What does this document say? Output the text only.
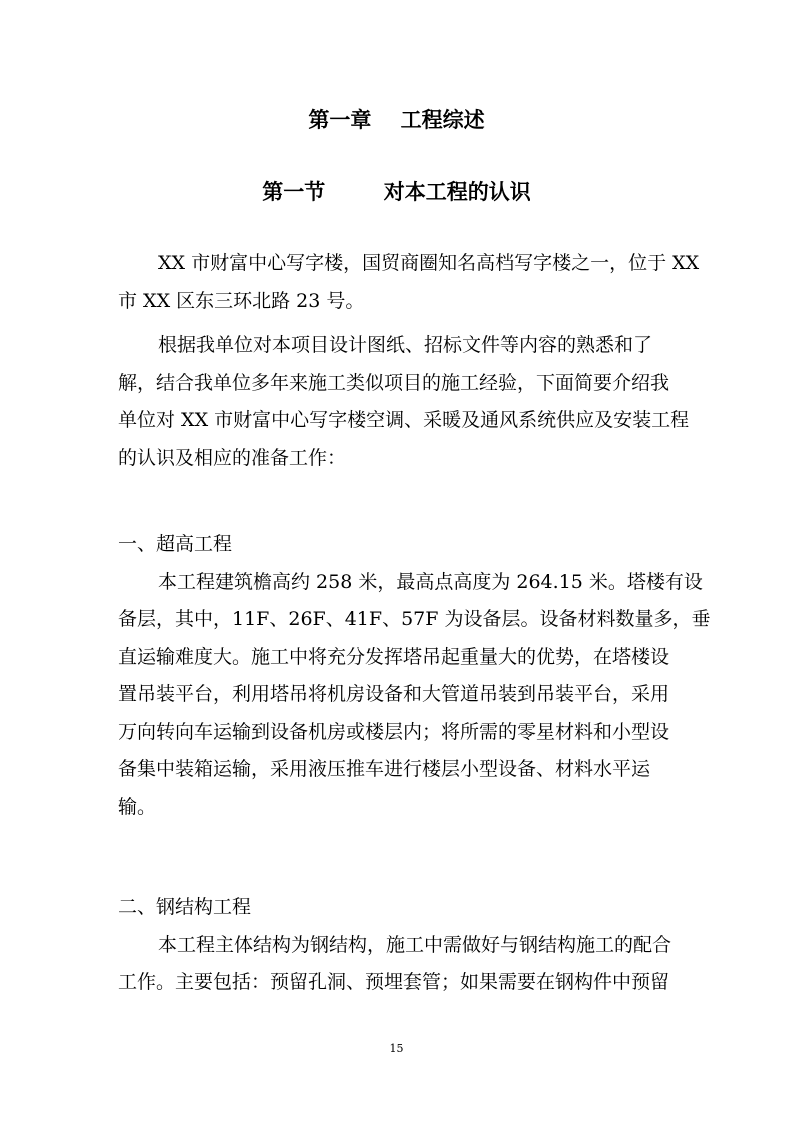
第一章    工程综述
第一节        对本工程的认识
XX 市财富中心写字楼，国贸商圈知名高档写字楼之一，位于 XX
市 XX 区东三环北路 23 号。
根据我单位对本项目设计图纸、招标文件等内容的熟悉和了
解，结合我单位多年来施工类似项目的施工经验，下面简要介绍我
单位对 XX 市财富中心写字楼空调、采暖及通风系统供应及安装工程
的认识及相应的准备工作：
一、超高工程
本工程建筑檐高约 258 米，最高点高度为 264.15 米。塔楼有设
备层，其中，11F、26F、41F、57F 为设备层。设备材料数量多，垂
直运输难度大。施工中将充分发挥塔吊起重量大的优势，在塔楼设
置吊装平台，利用塔吊将机房设备和大管道吊装到吊装平台，采用
万向转向车运输到设备机房或楼层内；将所需的零星材料和小型设
备集中装箱运输，采用液压推车进行楼层小型设备、材料水平运
输。
二、钢结构工程
本工程主体结构为钢结构，施工中需做好与钢结构施工的配合
工作。主要包括：预留孔洞、预埋套管；如果需要在钢构件中预留
15
